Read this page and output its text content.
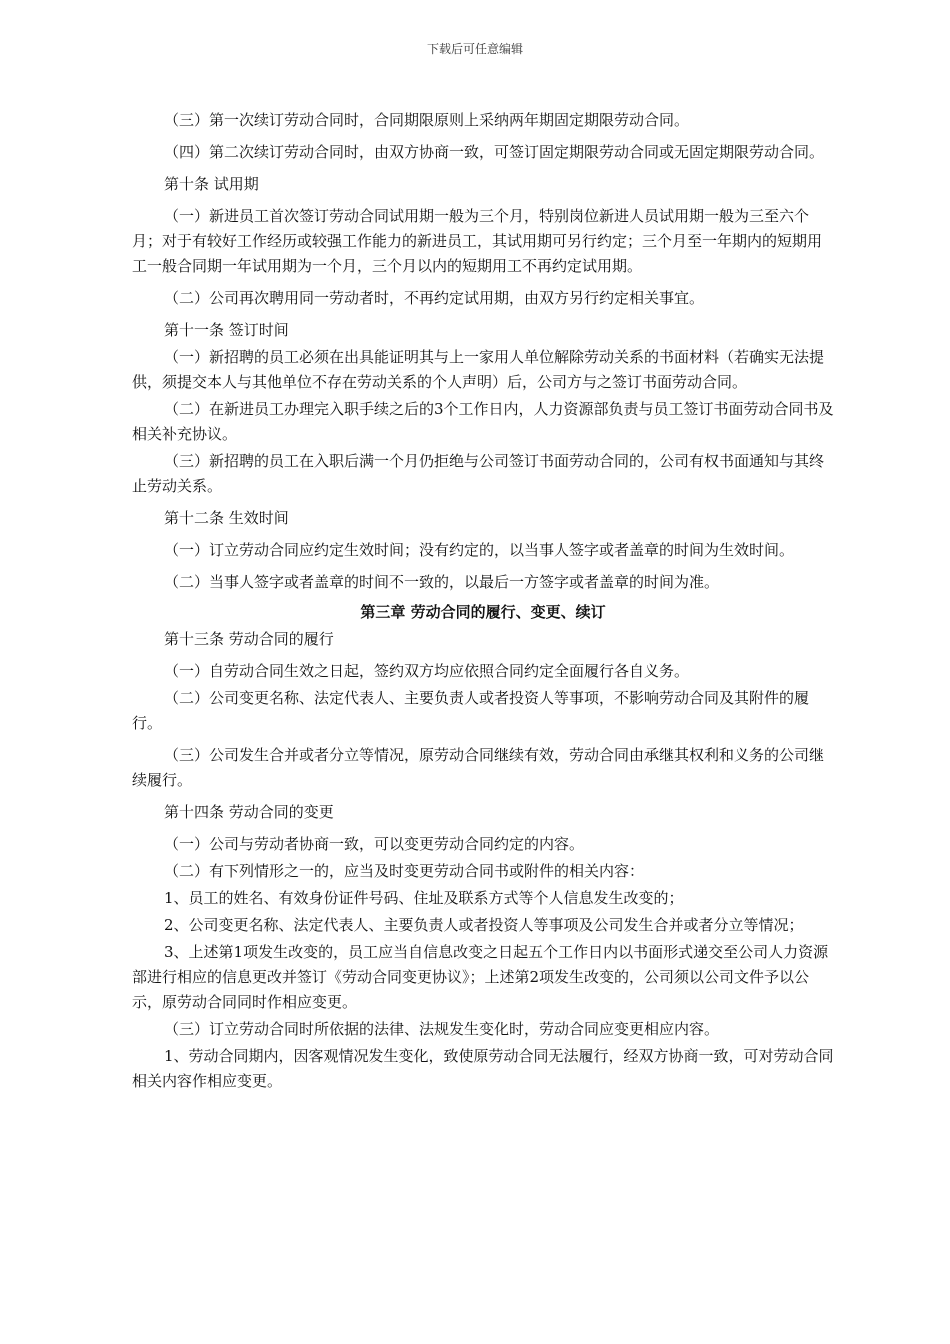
下载后可任意编辑

（三）第一次续订劳动合同时，合同期限原则上采纳两年期固定期限劳动合同。

（四）第二次续订劳动合同时，由双方协商一致，可签订固定期限劳动合同或无固定期限劳动合同。

第十条 试用期

（一）新进员工首次签订劳动合同试用期一般为三个月，特别岗位新进人员试用期一般为三至六个月；对于有较好工作经历或较强工作能力的新进员工，其试用期可另行约定；三个月至一年期内的短期用工一般合同期一年试用期为一个月，三个月以内的短期用工不再约定试用期。

（二）公司再次聘用同一劳动者时，不再约定试用期，由双方另行约定相关事宜。

第十一条 签订时间

（一）新招聘的员工必须在出具能证明其与上一家用人单位解除劳动关系的书面材料（若确实无法提供，须提交本人与其他单位不存在劳动关系的个人声明）后，公司方与之签订书面劳动合同。

（二）在新进员工办理完入职手续之后的3个工作日内，人力资源部负责与员工签订书面劳动合同书及相关补充协议。

（三）新招聘的员工在入职后满一个月仍拒绝与公司签订书面劳动合同的，公司有权书面通知与其终止劳动关系。

第十二条 生效时间

（一）订立劳动合同应约定生效时间；没有约定的，以当事人签字或者盖章的时间为生效时间。

（二）当事人签字或者盖章的时间不一致的，以最后一方签字或者盖章的时间为准。

第三章 劳动合同的履行、变更、续订

第十三条 劳动合同的履行

（一）自劳动合同生效之日起，签约双方均应依照合同约定全面履行各自义务。

（二）公司变更名称、法定代表人、主要负责人或者投资人等事项，不影响劳动合同及其附件的履行。

（三）公司发生合并或者分立等情况，原劳动合同继续有效，劳动合同由承继其权利和义务的公司继续履行。

第十四条 劳动合同的变更

（一）公司与劳动者协商一致，可以变更劳动合同约定的内容。

（二）有下列情形之一的，应当及时变更劳动合同书或附件的相关内容：

1、员工的姓名、有效身份证件号码、住址及联系方式等个人信息发生改变的；

2、公司变更名称、法定代表人、主要负责人或者投资人等事项及公司发生合并或者分立等情况；

3、上述第1项发生改变的，员工应当自信息改变之日起五个工作日内以书面形式递交至公司人力资源部进行相应的信息更改并签订《劳动合同变更协议》；上述第2项发生改变的，公司须以公司文件予以公示，原劳动合同同时作相应变更。

（三）订立劳动合同时所依据的法律、法规发生变化时，劳动合同应变更相应内容。

1、劳动合同期内，因客观情况发生变化，致使原劳动合同无法履行，经双方协商一致，可对劳动合同相关内容作相应变更。
